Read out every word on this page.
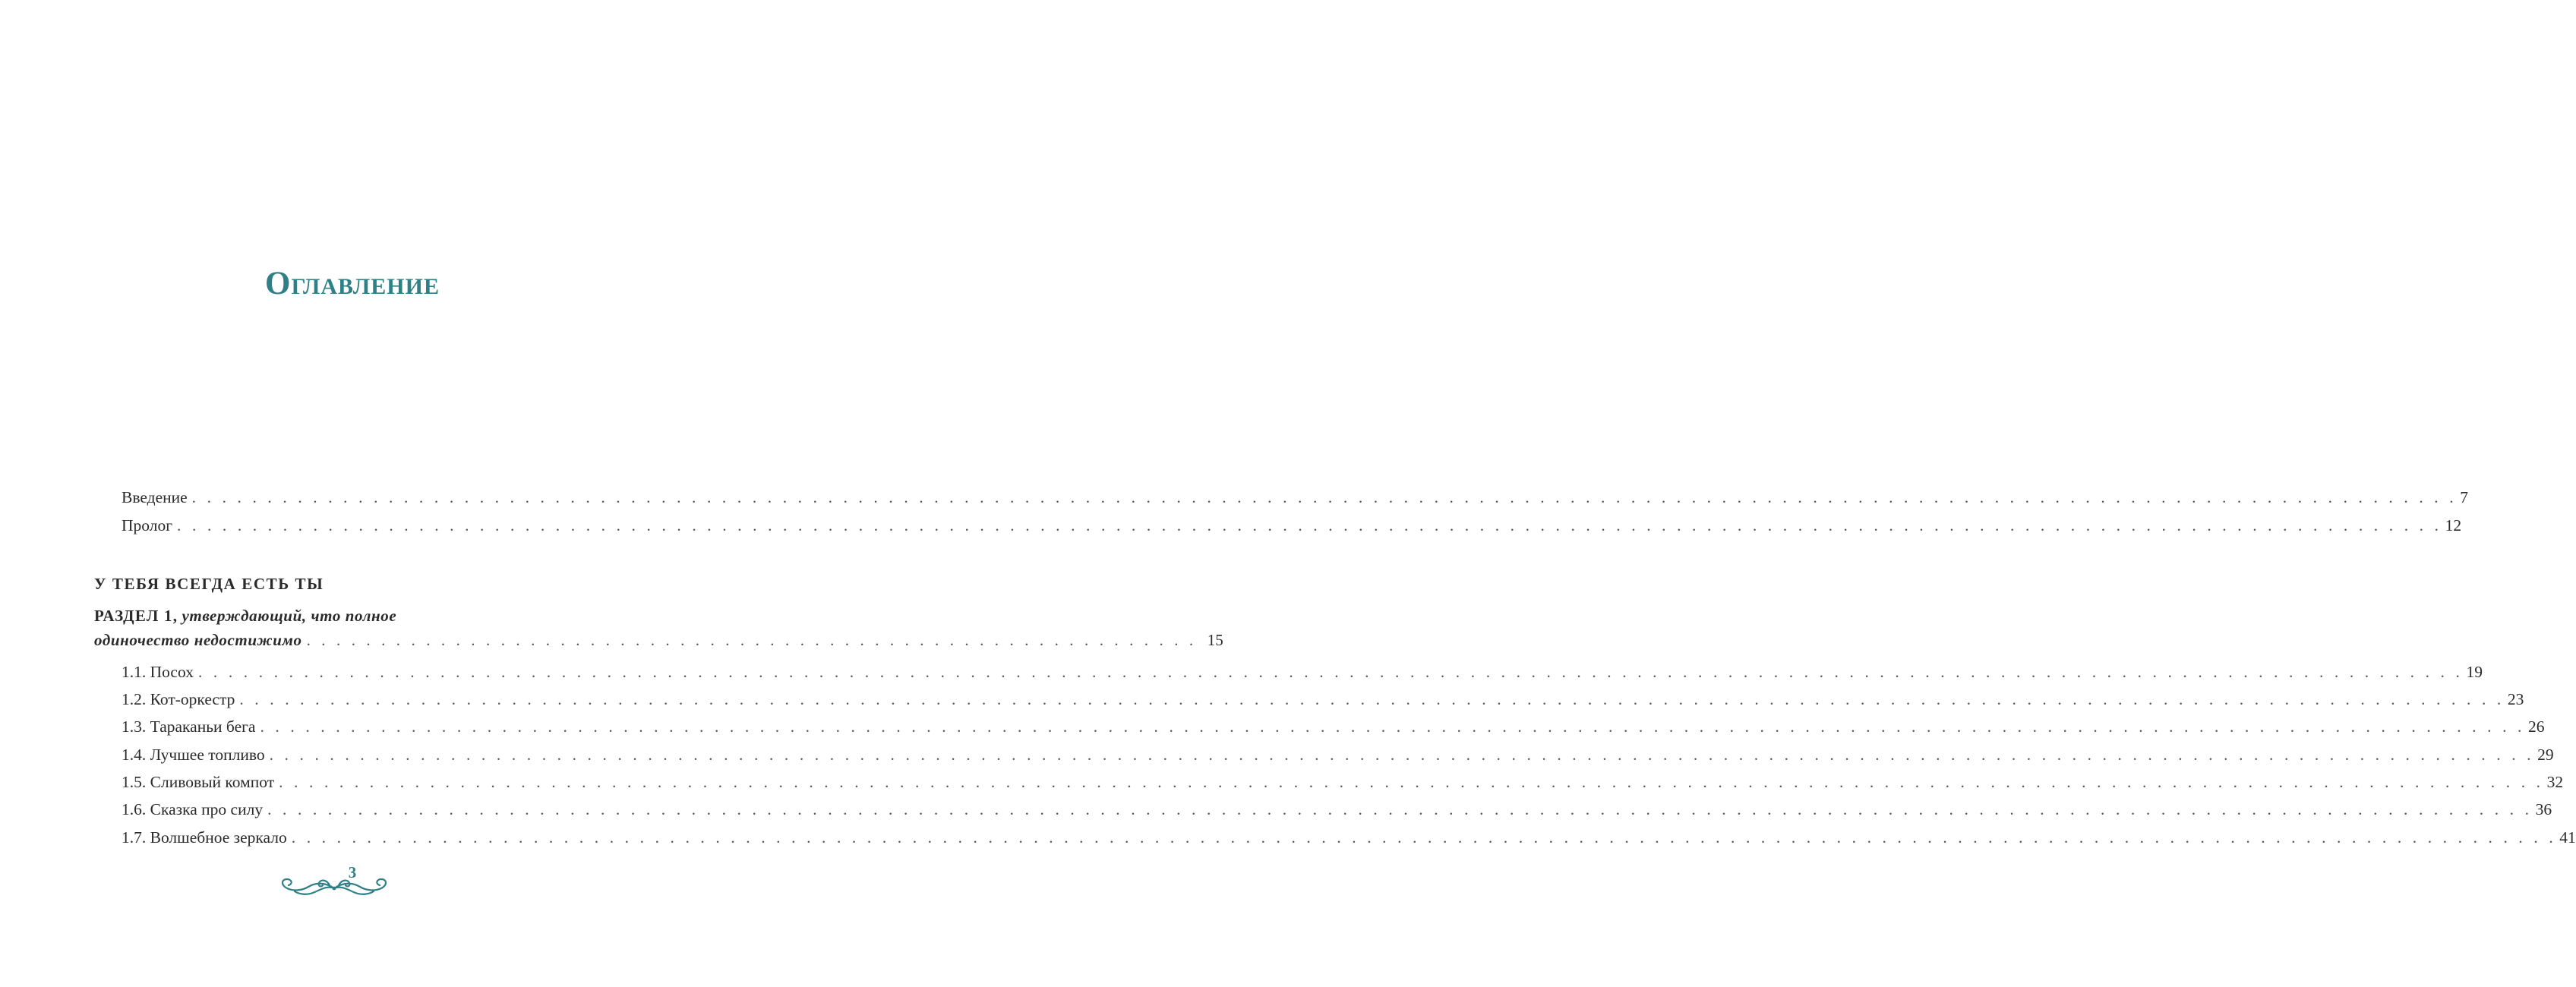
Оглавление
Введение . . .	7
Пролог . . .	12
У ТЕБЯ ВСЕГДА ЕСТЬ ТЫ
РАЗДЕЛ 1, утверждающий, что полное
одиночество недостижимо . . . . . . . . . . . . . . . . . . . . . . . . . . . . . . . . . . . . . . . . . . . . . . . . . . . . . . . . . . . . 15
1.1. Посох . . .	19
1.2. Кот-оркестр . . .	23
1.3. Тараканьи бега . . .	26
1.4. Лучшее топливо . . .	29
1.5. Сливовый компот . . .	32
1.6. Сказка про силу . . .	36
1.7. Волшебное зеркало . . .	41
3
